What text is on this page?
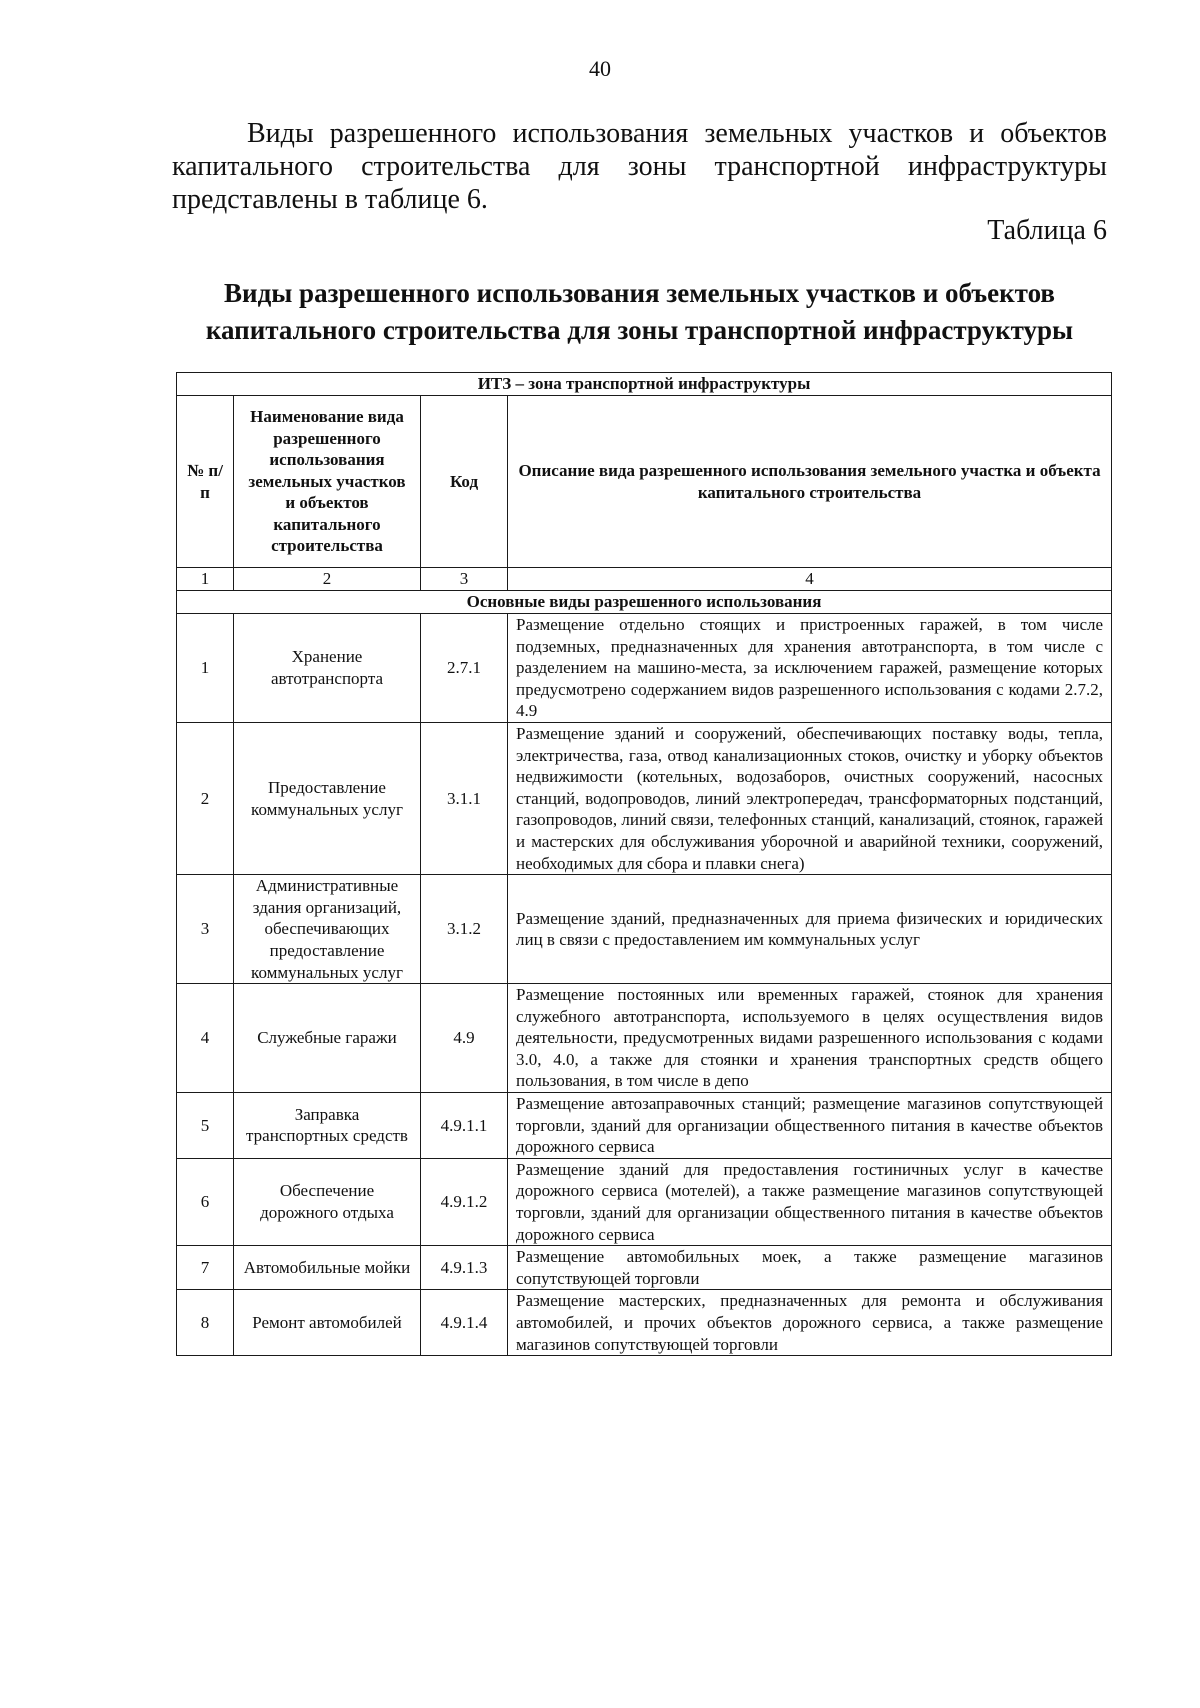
40

Виды разрешенного использования земельных участков и объектов капитального строительства для зоны транспортной инфраструктуры представлены в таблице 6.

Таблица 6
Виды разрешенного использования земельных участков и объектов
капитального строительства для зоны транспортной инфраструктуры
ИТЗ – зона транспортной инфраструктуры			
№ п/п	Наименование вида разрешенного использования земельных участков и объектов капитального строительства	Код	Описание вида разрешенного использования земельного участка и объекта капитального строительства
1	2	3	4
Основные виды разрешенного использования			
1	Хранение автотранспорта	2.7.1	Размещение отдельно стоящих и пристроенных гаражей, в том числе подземных, предназначенных для хранения автотранспорта, в том числе с разделением на машино-места, за исключением гаражей, размещение которых предусмотрено содержанием видов разрешенного использования с кодами 2.7.2, 4.9
2	Предоставление коммунальных услуг	3.1.1	Размещение зданий и сооружений, обеспечивающих поставку воды, тепла, электричества, газа, отвод канализационных стоков, очистку и уборку объектов недвижимости (котельных, водозаборов, очистных сооружений, насосных станций, водопроводов, линий электропередач, трансформаторных подстанций, газопроводов, линий связи, телефонных станций, канализаций, стоянок, гаражей и мастерских для обслуживания уборочной и аварийной техники, сооружений, необходимых для сбора и плавки снега)
3	Административные здания организаций, обеспечивающих предоставление коммунальных услуг	3.1.2	Размещение зданий, предназначенных для приема физических и юридических лиц в связи с предоставлением им коммунальных услуг
4	Служебные гаражи	4.9	Размещение постоянных или временных гаражей, стоянок для хранения служебного автотранспорта, используемого в целях осуществления видов деятельности, предусмотренных видами разрешенного использования с кодами 3.0, 4.0, а также для стоянки и хранения транспортных средств общего пользования, в том числе в депо
5	Заправка транспортных средств	4.9.1.1	Размещение автозаправочных станций; размещение магазинов сопутствующей торговли, зданий для организации общественного питания в качестве объектов дорожного сервиса
6	Обеспечение дорожного отдыха	4.9.1.2	Размещение зданий для предоставления гостиничных услуг в качестве дорожного сервиса (мотелей), а также размещение магазинов сопутствующей торговли, зданий для организации общественного питания в качестве объектов дорожного сервиса
7	Автомобильные мойки	4.9.1.3	Размещение автомобильных моек, а также размещение магазинов сопутствующей торговли
8	Ремонт автомобилей	4.9.1.4	Размещение мастерских, предназначенных для ремонта и обслуживания автомобилей, и прочих объектов дорожного сервиса, а также размещение магазинов сопутствующей торговли
